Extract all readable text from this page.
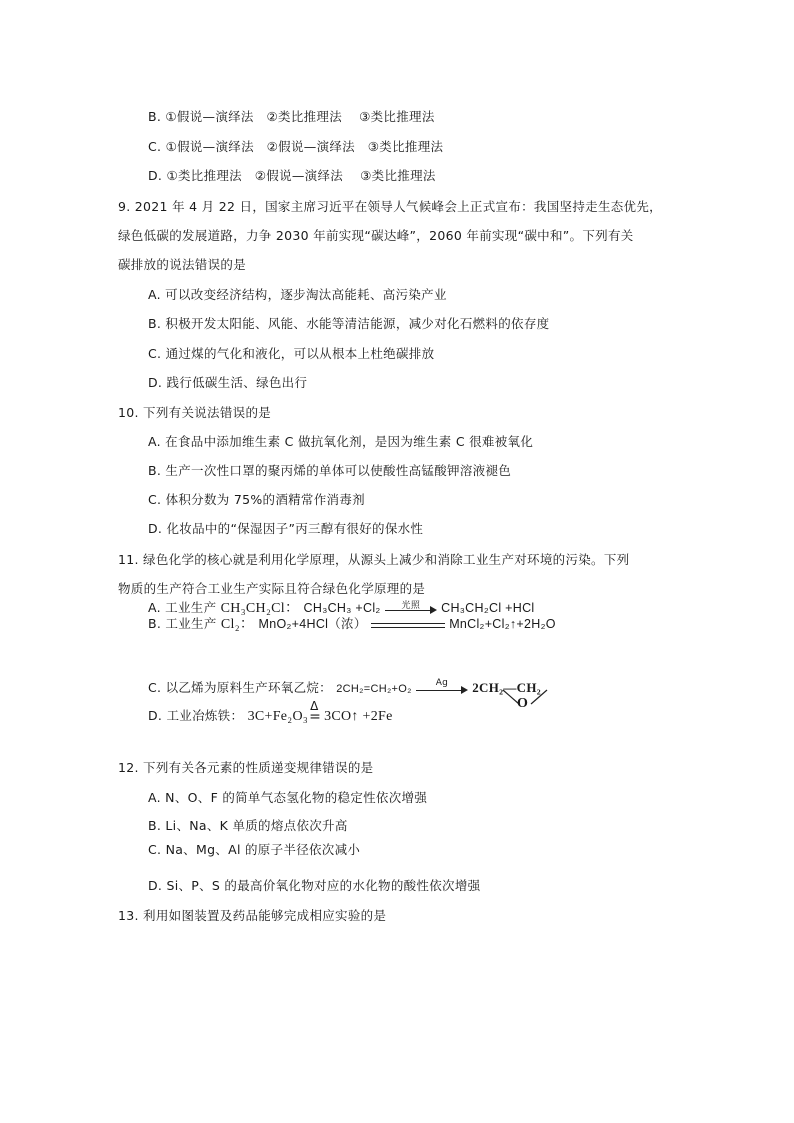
B. ①假说—演绎法　②类比推理法　 ③类比推理法
C. ①假说—演绎法　②假说—演绎法　③类比推理法
D. ①类比推理法　②假说—演绎法　 ③类比推理法
9. 2021 年 4 月 22 日，国家主席习近平在领导人气候峰会上正式宣布：我国坚持走生态优先，
绿色低碳的发展道路，力争 2030 年前实现“碳达峰”，2060 年前实现“碳中和”。下列有关
碳排放的说法错误的是
A. 可以改变经济结构，逐步淘汰高能耗、高污染产业
B. 积极开发太阳能、风能、水能等清洁能源，减少对化石燃料的依存度
C. 通过煤的气化和液化，可以从根本上杜绝碳排放
D. 践行低碳生活、绿色出行
10. 下列有关说法错误的是
A. 在食品中添加维生素 C 做抗氧化剂，是因为维生素 C 很难被氧化
B. 生产一次性口罩的聚丙烯的单体可以使酸性高锰酸钾溶液褪色
C. 体积分数为 75%的酒精常作消毒剂
D. 化妆品中的“保湿因子”丙三醇有很好的保水性
11. 绿色化学的核心就是利用化学原理，从源头上减少和消除工业生产对环境的污染。下列
物质的生产符合工业生产实际且符合绿色化学原理的是
A. 工业生产 CH₃CH₂Cl： CH₃CH₃ +Cl₂	光照	CH₃CH₂Cl +HCl
B. 工业生产 Cl₂： MnO₂+4HCl（浓）	MnCl₂+Cl₂↑+2H₂O
C. 以乙烯为原料生产环氧乙烷： 2CH₂=CH₂+O₂
Ag	2CH₂—CH₂
O
D. 工业冶炼铁： 3C+Fe₂O₃
Δ
= 3CO↑ +2Fe
12. 下列有关各元素的性质递变规律错误的是
A. N、O、F 的简单气态氢化物的稳定性依次增强
B. Li、Na、K 单质的熔点依次升高
C. Na、Mg、Al 的原子半径依次减小
D. Si、P、S 的最高价氧化物对应的水化物的酸性依次增强
13. 利用如图装置及药品能够完成相应实验的是
